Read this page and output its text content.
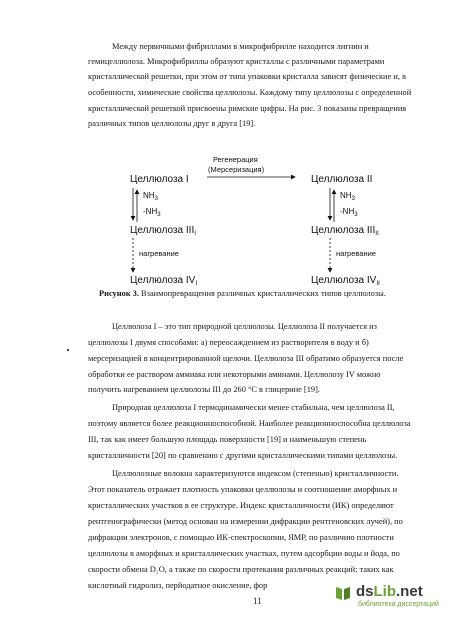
Между первичными фибриллами в микрофибрилле находится лигнин и
гемицеллюлоза. Микрофибриллы образуют кристаллы с различными параметрами
кристаллической решетки, при этом от типа упаковки кристалла зависят физические и, в
особенности, химические свойства целлюлозы. Каждому типу целлюлозы с определенной
кристаллической решеткой присвоены римские цифры. На рис. 3 показаны превращения
различных типов целлюлозы друг в друга [19].
Целлюлоза I	Целлюлоза II
Регенерация
(Мерсеризация)
$NH_3$
$-NH_3$
$NH_3$
$-NH_3$
Целлюлоза $III_I$	Целлюлоза $III_{II}$
нагревание	нагревание
Целлюлоза $IV_I$	Целлюлоза $IV_{II}$
Рисунок 3. Взаимопревращения различных кристаллических типов целлюлозы.
Целлюлоза I – это тип природной целлюлозы. Целлюлоза II получается из
целлюлозы I двумя способами: а) переосаждением из растворителя в воду и б)
мерсеризацией в концентрированной щелочи. Целлюлоза III обратимо образуется после
обработки ее раствором аммиака или некоторыми аминами. Целлюлозу IV можно
получить нагреванием целлюлозы III до 260 °C в глицерине [19].
Природная целлюлоза I термодинамически менее стабильна, чем целлюлоза II,
поэтому является более реакционноспособной. Наиболее реакционноспособна целлюлоза
III, так как имеет большую площадь поверхности [19] и наименьшую степень
кристалличности [20] по сравнению с другими кристаллическими типами целлюлозы.
Целлюлозные волокна характеризуются индексом (степенью) кристалличности.
Этот показатель отражает плотность упаковки целлюлозы и соотношение аморфных и
кристаллических участков в ее структуре. Индекс кристалличности (ИК) определяют
рентгенографически (метод основан на измерении дифракции рентгеновских лучей), по
дифракции электронов, с помощью ИК-спектроскопии, ЯМР, по различию плотности
целлюлозы в аморфных и кристаллических участках, путем адсорбции воды и йода, по
скорости обмена D₂O, а также по скорости протекания различных реакций: таких как
кислотный гидролиз, перйодатное окисление, фор
11
dsLib.net
библиотека диссертаций
